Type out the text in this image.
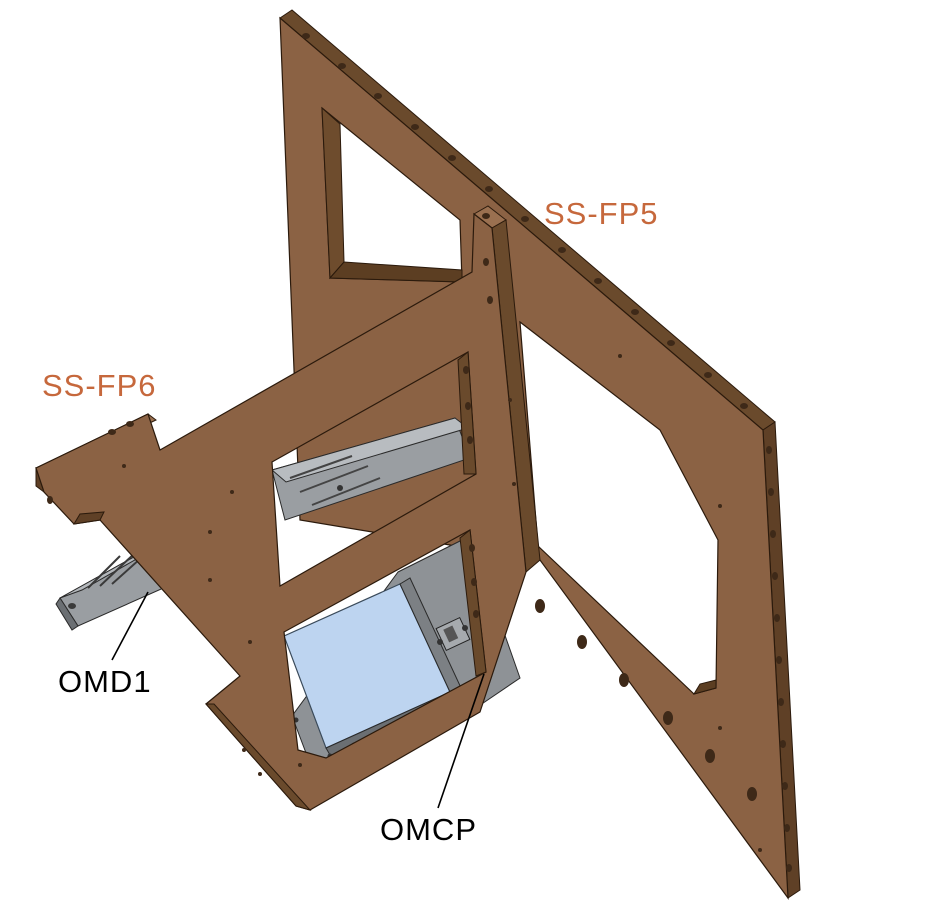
SS-FP5
SS-FP6
OMD1
OMCP
